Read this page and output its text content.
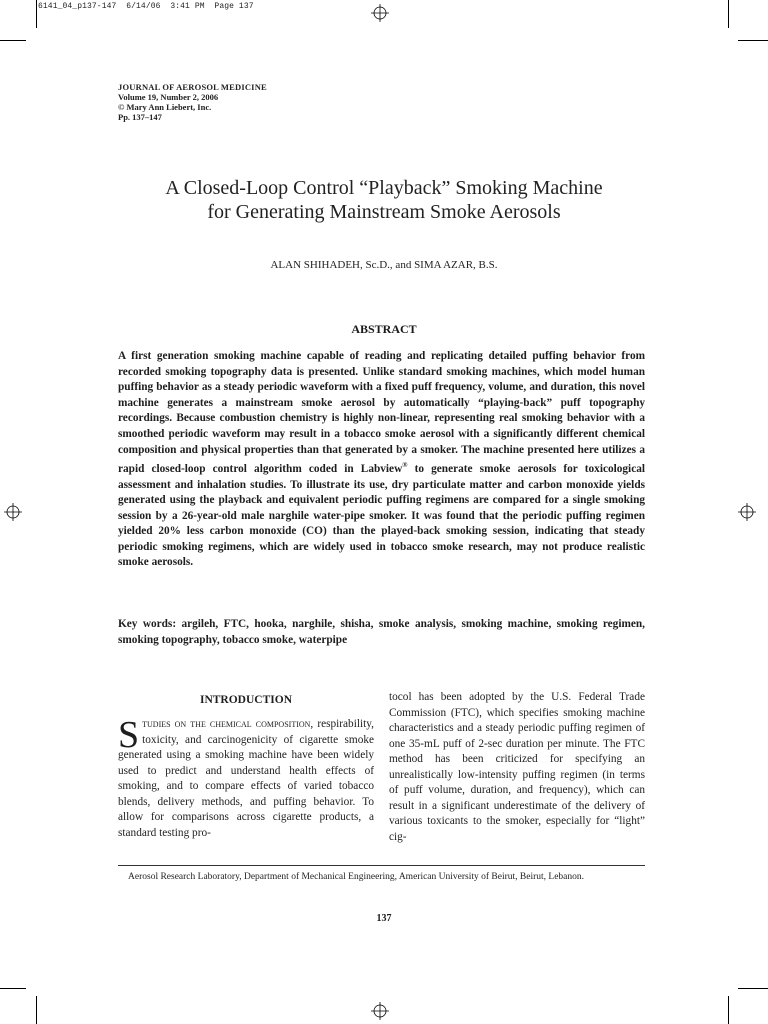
6141_04_p137-147  6/14/06  3:41 PM  Page 137
JOURNAL OF AEROSOL MEDICINE
Volume 19, Number 2, 2006
© Mary Ann Liebert, Inc.
Pp. 137–147
A Closed-Loop Control “Playback” Smoking Machine
for Generating Mainstream Smoke Aerosols
ALAN SHIHADEH, Sc.D., and SIMA AZAR, B.S.
ABSTRACT
A first generation smoking machine capable of reading and replicating detailed puffing behavior from recorded smoking topography data is presented. Unlike standard smoking machines, which model human puffing behavior as a steady periodic waveform with a fixed puff frequency, volume, and duration, this novel machine generates a mainstream smoke aerosol by automatically “playing-back” puff topography recordings. Because combustion chemistry is highly non-linear, representing real smoking behavior with a smoothed periodic waveform may result in a tobacco smoke aerosol with a significantly different chemical composition and physical properties than that generated by a smoker. The machine presented here utilizes a rapid closed-loop control algorithm coded in Labview® to generate smoke aerosols for toxicological assessment and inhalation studies. To illustrate its use, dry particulate matter and carbon monoxide yields generated using the playback and equivalent periodic puffing regimens are compared for a single smoking session by a 26-year-old male narghile water-pipe smoker. It was found that the periodic puffing regimen yielded 20% less carbon monoxide (CO) than the played-back smoking session, indicating that steady periodic smoking regimens, which are widely used in tobacco smoke research, may not produce realistic smoke aerosols.
Key words: argileh, FTC, hooka, narghile, shisha, smoke analysis, smoking machine, smoking regimen, smoking topography, tobacco smoke, waterpipe
INTRODUCTION
Studies on the chemical composition, respirability, toxicity, and carcinogenicity of cigarette smoke generated using a smoking machine have been widely used to predict and understand health effects of smoking, and to compare effects of varied tobacco blends, delivery methods, and puffing behavior. To allow for comparisons across cigarette products, a standard testing pro-
tocol has been adopted by the U.S. Federal Trade Commission (FTC), which specifies smoking machine characteristics and a steady periodic puffing regimen of one 35-mL puff of 2-sec duration per minute. The FTC method has been criticized for specifying an unrealistically low-intensity puffing regimen (in terms of puff volume, duration, and frequency), which can result in a significant underestimate of the delivery of various toxicants to the smoker, especially for “light” cig-
Aerosol Research Laboratory, Department of Mechanical Engineering, American University of Beirut, Beirut, Lebanon.
137
